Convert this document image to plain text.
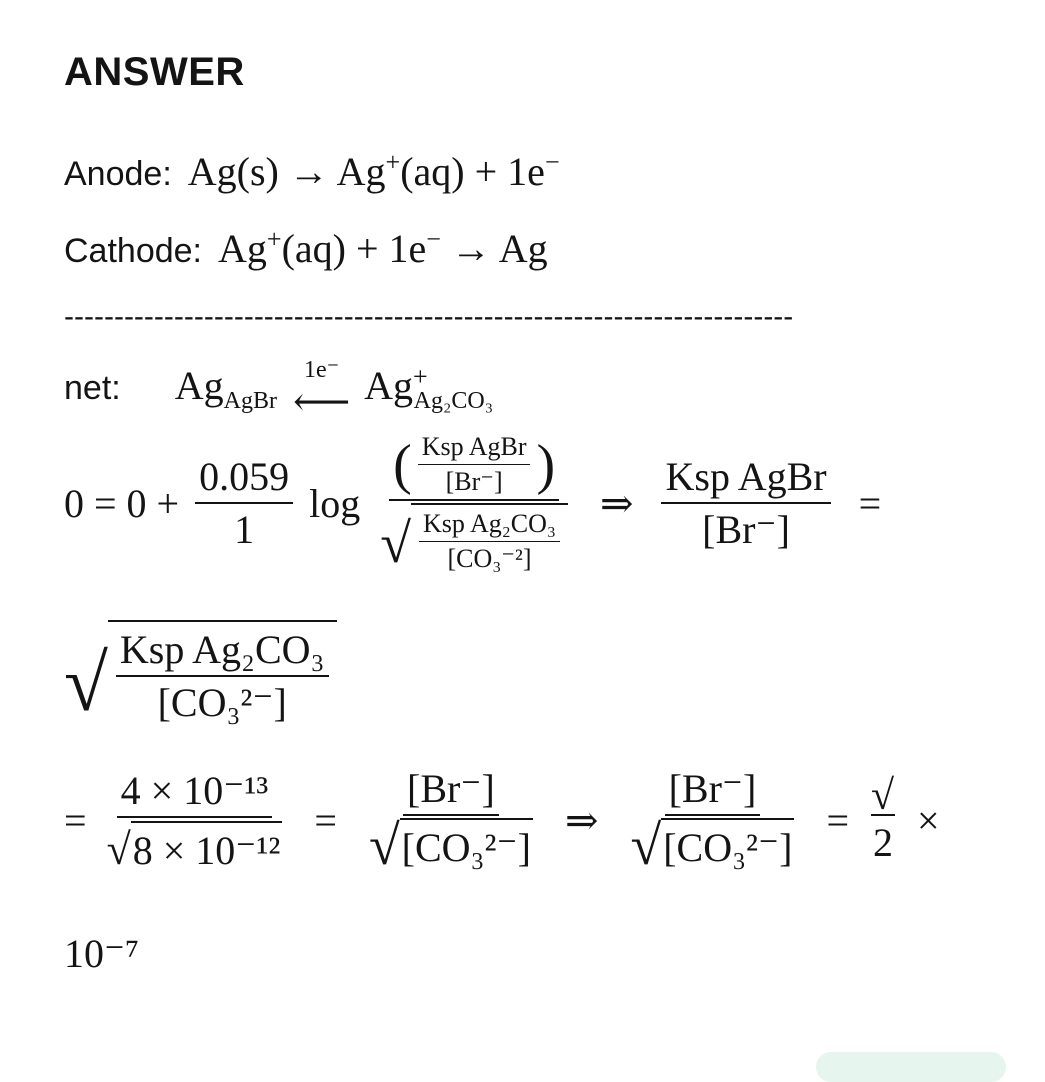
ANSWER
Anode: Ag(s) → Ag+(aq) + 1e−
Cathode: Ag+(aq) + 1e− → Ag
-------------------------------------------------------------------------
net: $Ag_{AgBr}$
1e⁻
⟵ $Ag^+_{Ag_2CO_3}$
$0 = 0 + \frac{0.059}{1}$ log
( $\frac{\text{Ksp AgBr}}{[Br^-]}$ )
√ $\frac{\text{Ksp Ag₂CO₃}}{\text{[CO₃⁻²]}}$
⇒ $\frac{\text{Ksp AgBr}}{[Br^-]}$ =
√ $\frac{\text{Ksp Ag₂CO₃}}{\text{[CO₃²⁻]}}$
= $\frac{\text{4 × 10⁻¹³}}{\text{√ 8 × 10⁻¹²}} = \frac{[Br^-]}{\text{√ [CO₃²⁻]}}$ ⇒ $\frac{[Br^-]}{\text{√ [CO₃²⁻]}}$ =
√
2 ×
10⁻⁷
